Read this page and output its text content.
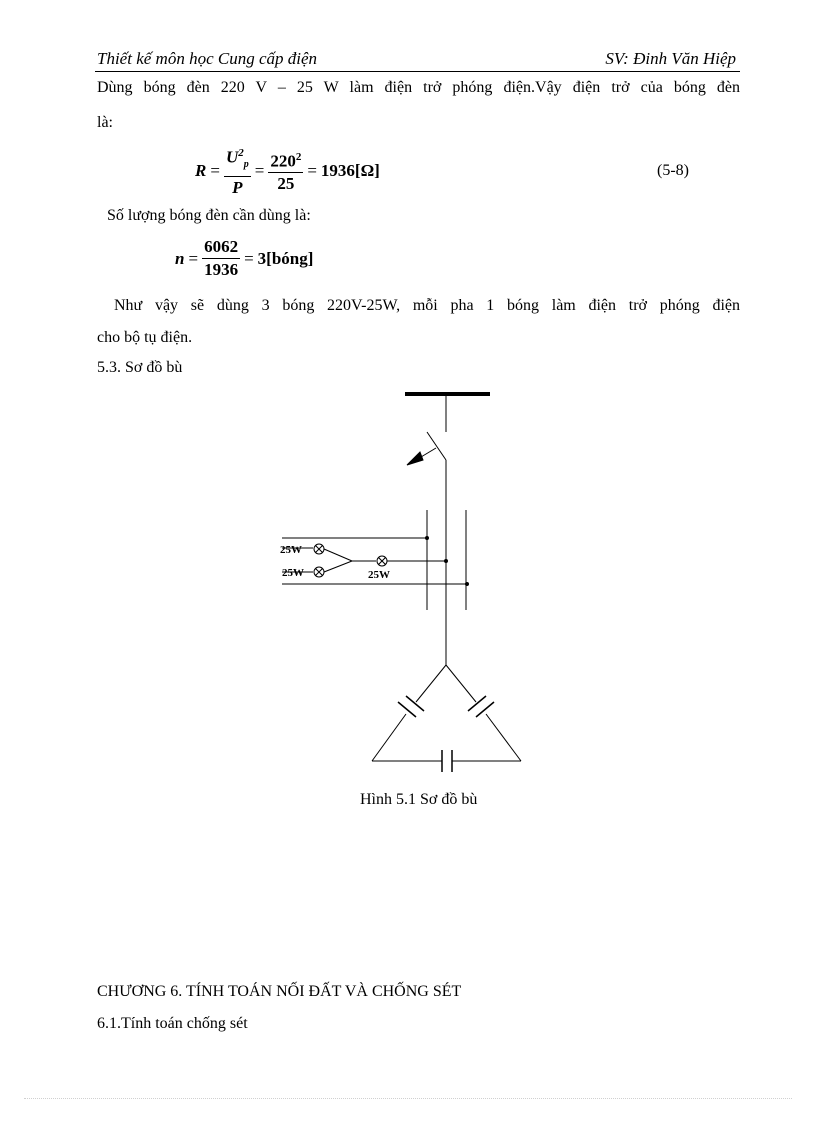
Thiết kế môn học Cung cấp điện	SV: Đinh Văn Hiệp
Dùng bóng đèn 220 V – 25 W làm điện trở phóng điện.Vậy điện trở của bóng đèn
là:
$R = \frac{U^2_p}{P} = \frac{220^2}{25} = 1936[\Omega]$	(5-8)
Số lượng bóng đèn cần dùng là:
$n = \frac{6062}{1936}$ = 3[bóng]
Như vậy sẽ dùng 3 bóng 220V-25W, mỗi pha 1 bóng làm điện trở phóng điện
cho bộ tụ điện.
5.3. Sơ đồ bù
25W
25W	25W
Hình 5.1 Sơ đồ bù
CHƯƠNG 6. TÍNH TOÁN NỐI ĐẤT VÀ CHỐNG SÉT
6.1.Tính toán chống sét
